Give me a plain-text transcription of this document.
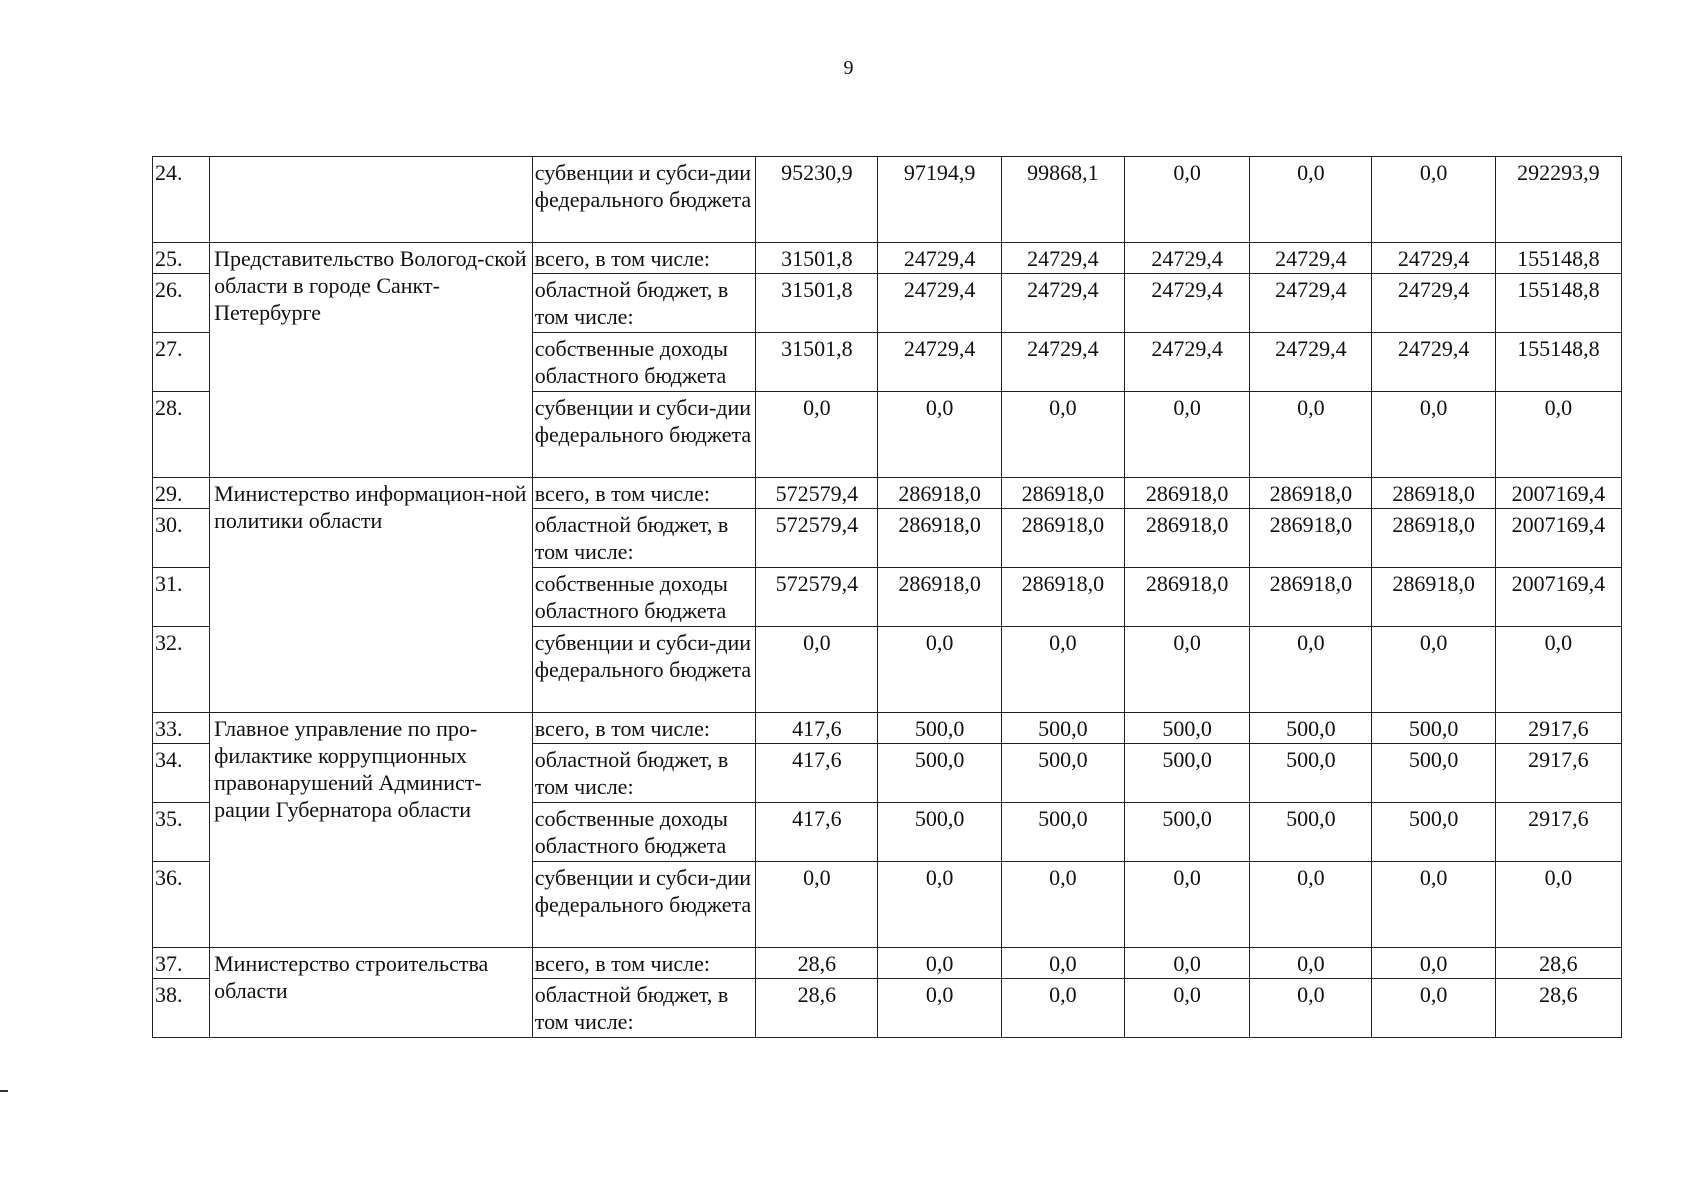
9
24.		субвенции и субси-дии федерального бюджета	95230,9	97194,9	99868,1	0,0	0,0	0,0	292293,9
25.	Представительство Вологод-ской области в городе Санкт-Петербурге	всего, в том числе:	31501,8	24729,4	24729,4	24729,4	24729,4	24729,4	155148,8
26.		областной бюджет, в том числе:	31501,8	24729,4	24729,4	24729,4	24729,4	24729,4	155148,8
27.		собственные доходы областного бюджета	31501,8	24729,4	24729,4	24729,4	24729,4	24729,4	155148,8
28.		субвенции и субси-дии федерального бюджета	0,0	0,0	0,0	0,0	0,0	0,0	0,0
29.	Министерство информацион-ной политики области	всего, в том числе:	572579,4	286918,0	286918,0	286918,0	286918,0	286918,0	2007169,4
30.		областной бюджет, в том числе:	572579,4	286918,0	286918,0	286918,0	286918,0	286918,0	2007169,4
31.		собственные доходы областного бюджета	572579,4	286918,0	286918,0	286918,0	286918,0	286918,0	2007169,4
32.		субвенции и субси-дии федерального бюджета	0,0	0,0	0,0	0,0	0,0	0,0	0,0
33.	Главное управление по про-филактике коррупционных правонарушений Админист-рации Губернатора области	всего, в том числе:	417,6	500,0	500,0	500,0	500,0	500,0	2917,6
34.		областной бюджет, в том числе:	417,6	500,0	500,0	500,0	500,0	500,0	2917,6
35.		собственные доходы областного бюджета	417,6	500,0	500,0	500,0	500,0	500,0	2917,6
36.		субвенции и субси-дии федерального бюджета	0,0	0,0	0,0	0,0	0,0	0,0	0,0
37.	Министерство строительства области	всего, в том числе:	28,6	0,0	0,0	0,0	0,0	0,0	28,6
38.		областной бюджет, в том числе:	28,6	0,0	0,0	0,0	0,0	0,0	28,6
